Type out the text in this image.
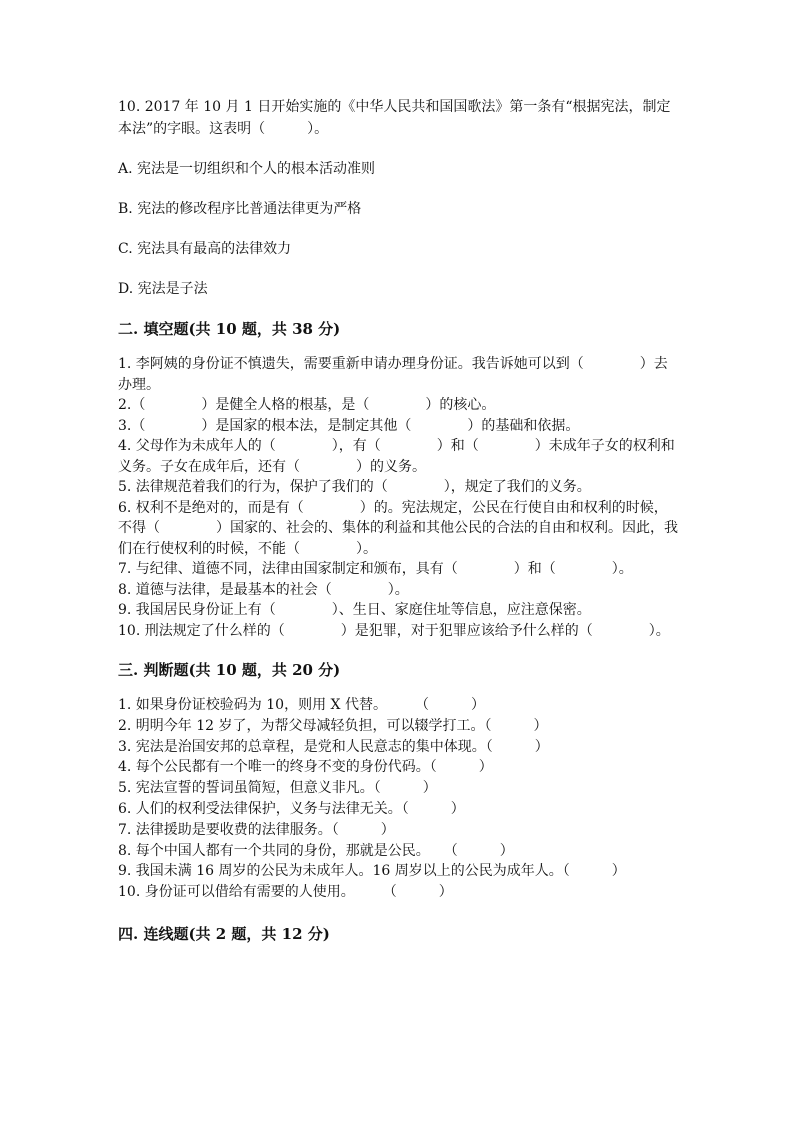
10. 2017 年 10 月 1 日开始实施的《中华人民共和国国歌法》第一条有“根据宪法，制定本法”的字眼。这表明（　　　）。

A. 宪法是一切组织和个人的根本活动准则

B. 宪法的修改程序比普通法律更为严格

C. 宪法具有最高的法律效力

D. 宪法是子法

二. 填空题(共 10 题，共 38 分)

1. 李阿姨的身份证不慎遗失，需要重新申请办理身份证。我告诉她可以到（　　　　）去办理。

2.（　　　　）是健全人格的根基，是（　　　　）的核心。

3.（　　　　）是国家的根本法，是制定其他（　　　　）的基础和依据。

4. 父母作为未成年人的（　　　　），有（　　　　）和（　　　　）未成年子女的权利和义务。子女在成年后，还有（　　　　）的义务。

5. 法律规范着我们的行为，保护了我们的（　　　　），规定了我们的义务。

6. 权利不是绝对的，而是有（　　　　）的。宪法规定，公民在行使自由和权利的时候，不得（　　　　）国家的、社会的、集体的利益和其他公民的合法的自由和权利。因此，我们在行使权利的时候，不能（　　　　）。

7. 与纪律、道德不同，法律由国家制定和颁布，具有（　　　　）和（　　　　）。

8. 道德与法律，是最基本的社会（　　　　）。

9. 我国居民身份证上有（　　　　）、生日、家庭住址等信息，应注意保密。

10. 刑法规定了什么样的（　　　　）是犯罪，对于犯罪应该给予什么样的（　　　　）。

三. 判断题(共 10 题，共 20 分)

1. 如果身份证校验码为 10，则用 X 代替。　　　（　　　）

2. 明明今年 12 岁了，为帮父母减轻负担，可以辍学打工。（　　　）

3. 宪法是治国安邦的总章程，是党和人民意志的集中体现。（　　　）

4. 每个公民都有一个唯一的终身不变的身份代码。（　　　）

5. 宪法宣誓的誓词虽简短，但意义非凡。（　　　）

6. 人们的权利受法律保护，义务与法律无关。（　　　）

7. 法律援助是要收费的法律服务。（　　　）

8. 每个中国人都有一个共同的身份，那就是公民。　　（　　　）

9. 我国未满 16 周岁的公民为未成年人。16 周岁以上的公民为成年人。（　　　）

10. 身份证可以借给有需要的人使用。　　　（　　　）

四. 连线题(共 2 题，共 12 分)
